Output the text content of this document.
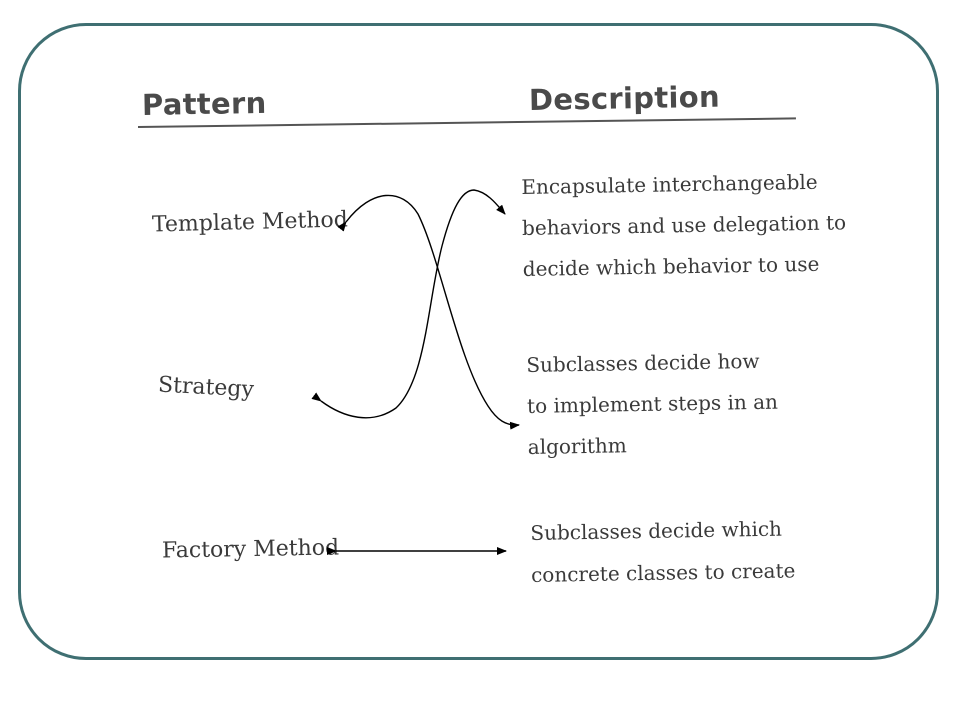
Pattern	Description
Template Method
Strategy
Factory Method
Encapsulate interchangeable
behaviors and use delegation to
decide which behavior to use
Subclasses decide how
to implement steps in an
algorithm
Subclasses decide which
concrete classes to create
